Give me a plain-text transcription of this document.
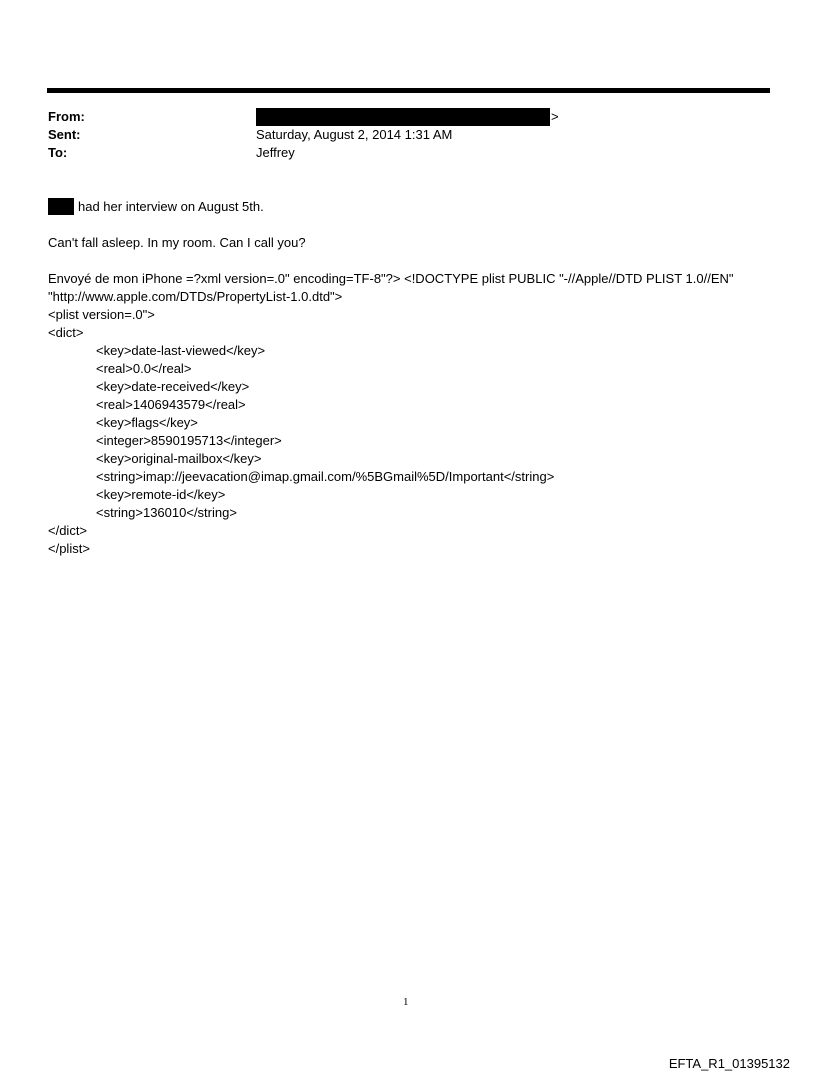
From:	>
Sent:	Saturday, August 2, 2014 1:31 AM
To:	Jeffrey
had her interview on August 5th.
Can't fall asleep. In my room. Can I call you?
Envoyé de mon iPhone =?xml version=.0" encoding=TF-8"?> <!DOCTYPE plist PUBLIC "-//Apple//DTD PLIST 1.0//EN"
"http://www.apple.com/DTDs/PropertyList-1.0.dtd">
<plist version=.0">
<dict>
<key>date-last-viewed</key>
<real>0.0</real>
<key>date-received</key>
<real>1406943579</real>
<key>flags</key>
<integer>8590195713</integer>
<key>original-mailbox</key>
<string>imap://jeevacation@imap.gmail.com/%5BGmail%5D/Important</string>
<key>remote-id</key>
<string>136010</string>
</dict>
</plist>
1
EFTA_R1_01395132
